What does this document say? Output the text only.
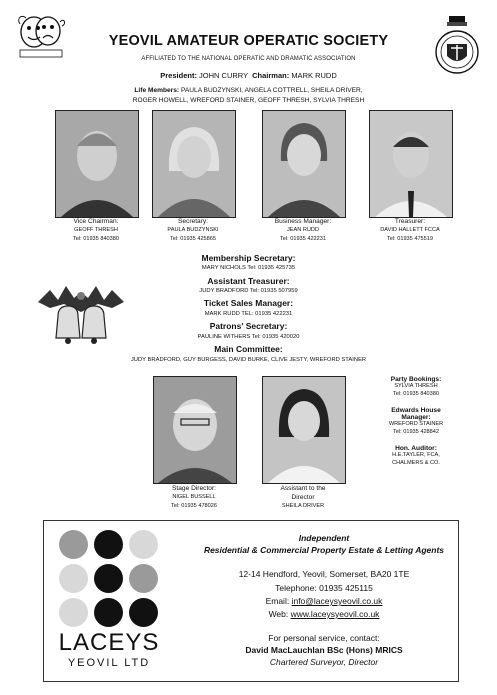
YEOVIL AMATEUR OPERATIC SOCIETY
AFFILIATED TO THE NATIONAL OPERATIC AND DRAMATIC ASSOCIATION
President: JOHN CURRY Chairman: MARK RUDD
Life Members: PAULA BUDZYNSKI, ANGELA COTTRELL, SHEILA DRIVER,
ROGER HOWELL, WREFORD STAINER, GEOFF THRESH, SYLVIA THRESH
Vice Chairman:
GEOFF THRESH
Tel: 01935 840380
Secretary:
PAULA BUDZYNSKI
Tel: 01935 425865
Business Manager:
JEAN RUDD
Tel: 01935 422231
Treasurer:
DAVID HALLETT FCCA
Tel: 01935 475519
Membership Secretary:
MARY NICHOLS Tel: 01935 425735
Assistant Treasurer:
JUDY BRADFORD Tel: 01935 507959
Ticket Sales Manager:
MARK RUDD TEL: 01935 422231
Patrons' Secretary:
PAULINE WITHERS Tel: 01935 420020
Main Committee:
JUDY BRADFORD, GUY BURGESS, DAVID BURKE, CLIVE JESTY, WREFORD STAINER
Stage Director:
NIGEL BUSSELL
Tel: 01935 478026
Assistant to the
Director
SHEILA DRIVER
Party Bookings:
SYLVIA THRESH
Tel: 01935 840380
Edwards House
Manager:
WREFORD STAINER
Tel: 01935 428842
Hon. Auditor:
H.E.TAYLER, FCA,
CHALMERS & CO.
LACEYS
YEOVIL LTD
Independent
Residential & Commercial Property Estate & Letting Agents
12-14 Hendford, Yeovil, Somerset, BA20 1TE
Telephone: 01935 425115
Email: info@laceysyeovil.co.uk
Web: www.laceysyeovil.co.uk
For personal service, contact:
David MacLauchlan BSc (Hons) MRICS
Chartered Surveyor, Director
